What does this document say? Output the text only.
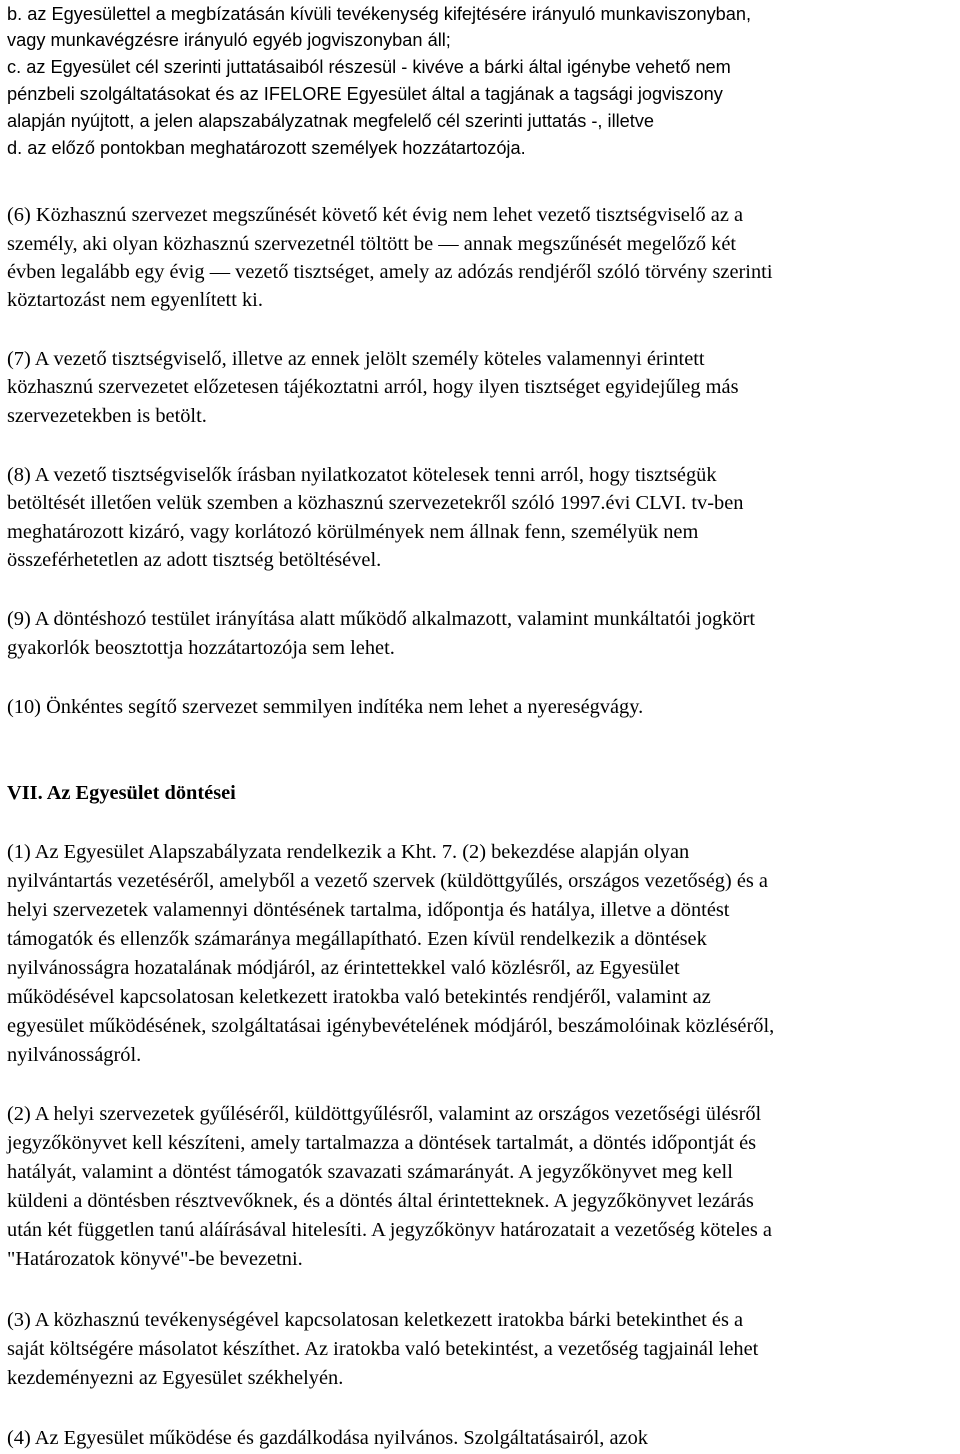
b. az Egyesülettel a megbízatásán kívüli tevékenység kifejtésére irányuló munkaviszonyban,
vagy munkavégzésre irányuló egyéb jogviszonyban áll;
c. az Egyesület cél szerinti juttatásaiból részesül - kivéve a bárki által igénybe vehető nem
pénzbeli szolgáltatásokat és az IFELORE Egyesület által a tagjának a tagsági jogviszony
alapján nyújtott, a jelen alapszabályzatnak megfelelő cél szerinti juttatás -, illetve
d. az előző pontokban meghatározott személyek hozzátartozója.
(6) Közhasznú szervezet megszűnését követő két évig nem lehet vezető tisztségviselő az a
személy, aki olyan közhasznú szervezetnél töltött be — annak megszűnését megelőző két
évben legalább egy évig — vezető tisztséget, amely az adózás rendjéről szóló törvény szerinti
köztartozást nem egyenlített ki.
(7) A vezető tisztségviselő, illetve az ennek jelölt személy köteles valamennyi érintett
közhasznú szervezetet előzetesen tájékoztatni arról, hogy ilyen tisztséget egyidejűleg más
szervezetekben is betölt.
(8) A vezető tisztségviselők írásban nyilatkozatot kötelesek tenni arról, hogy tisztségük
betöltését illetően velük szemben a közhasznú szervezetekről szóló 1997.évi CLVI. tv-ben
meghatározott kizáró, vagy korlátozó körülmények nem állnak fenn, személyük nem
összeférhetetlen az adott tisztség betöltésével.
(9) A döntéshozó testület irányítása alatt működő alkalmazott, valamint munkáltatói jogkört
gyakorlók beosztottja hozzátartozója sem lehet.
(10) Önkéntes segítő szervezet semmilyen indítéka nem lehet a nyereségvágy.
VII. Az Egyesület döntései
(1) Az Egyesület Alapszabályzata rendelkezik a Kht. 7. (2) bekezdése alapján olyan
nyilvántartás vezetéséről, amelyből a vezető szervek (küldöttgyűlés, országos vezetőség) és a
helyi szervezetek valamennyi döntésének tartalma, időpontja és hatálya, illetve a döntést
támogatók és ellenzők számaránya megállapítható. Ezen kívül rendelkezik a döntések
nyilvánosságra hozatalának módjáról, az érintettekkel való közlésről, az Egyesület
működésével kapcsolatosan keletkezett iratokba való betekintés rendjéről, valamint az
egyesület működésének, szolgáltatásai igénybevételének módjáról, beszámolóinak közléséről,
nyilvánosságról.
(2) A helyi szervezetek gyűléséről, küldöttgyűlésről, valamint az országos vezetőségi ülésről
jegyzőkönyvet kell készíteni, amely tartalmazza a döntések tartalmát, a döntés időpontját és
hatályát, valamint a döntést támogatók szavazati számarányát. A jegyzőkönyvet meg kell
küldeni a döntésben résztvevőknek, és a döntés által érintetteknek. A jegyzőkönyvet lezárás
után két független tanú aláírásával hitelesíti. A jegyzőkönyv határozatait a vezetőség köteles a
"Határozatok könyvé"-be bevezetni.
(3) A közhasznú tevékenységével kapcsolatosan keletkezett iratokba bárki betekinthet és a
saját költségére másolatot készíthet. Az iratokba való betekintést, a vezetőség tagjainál lehet
kezdeményezni az Egyesület székhelyén.
(4) Az Egyesület működése és gazdálkodása nyilvános. Szolgáltatásairól, azok
